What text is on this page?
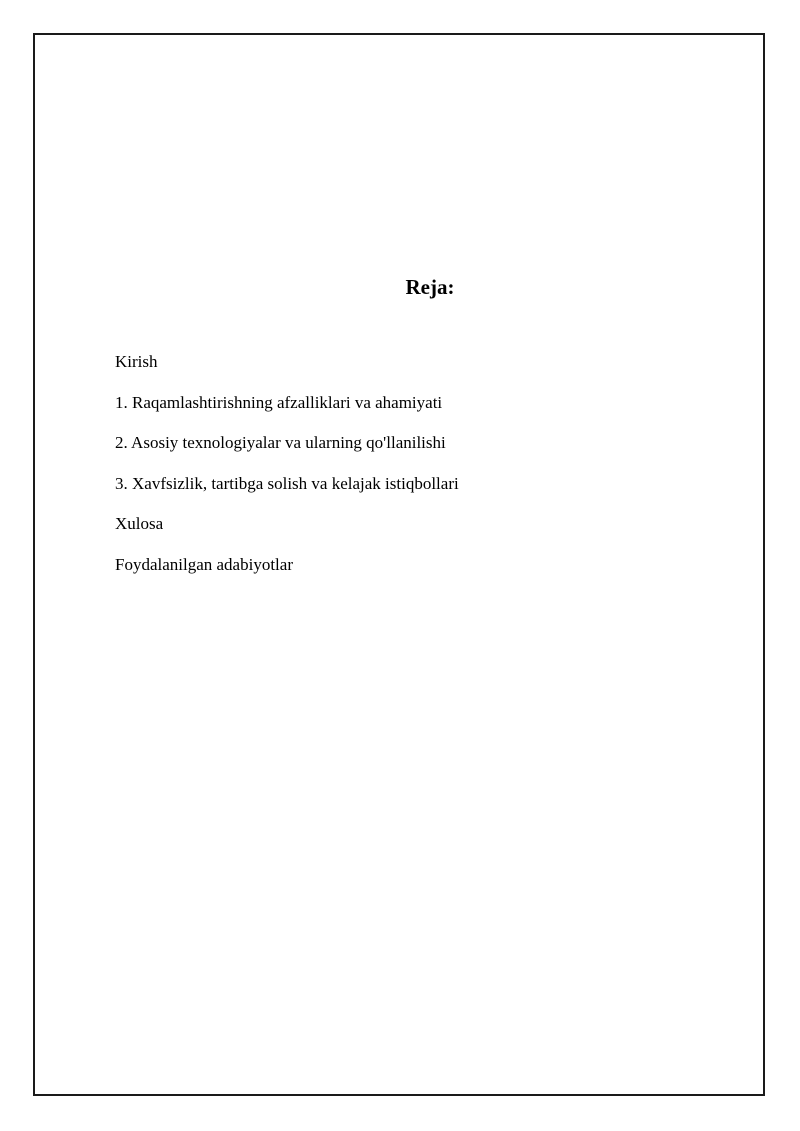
Reja:
Kirish
1. Raqamlashtirishning afzalliklari va ahamiyati
2. Asosiy texnologiyalar va ularning qo'llanilishi
3. Xavfsizlik, tartibga solish va kelajak istiqbollari
Xulosa
Foydalanilgan adabiyotlar
